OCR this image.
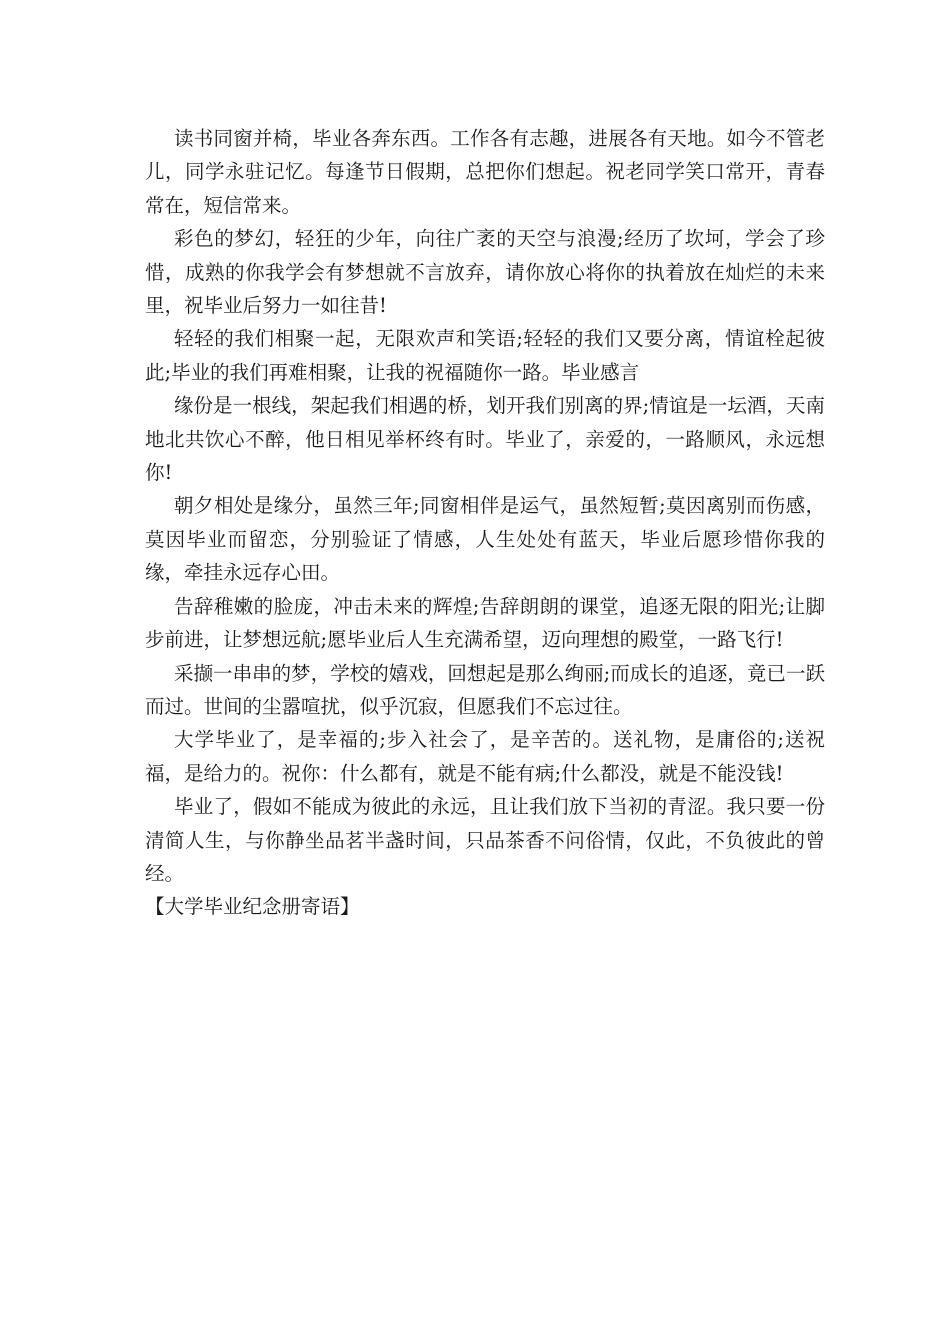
读书同窗并椅，毕业各奔东西。工作各有志趣，进展各有天地。如今不管老儿，同学永驻记忆。每逢节日假期，总把你们想起。祝老同学笑口常开，青春常在，短信常来。

彩色的梦幻，轻狂的少年，向往广袤的天空与浪漫;经历了坎坷，学会了珍惜，成熟的你我学会有梦想就不言放弃，请你放心将你的执着放在灿烂的未来里，祝毕业后努力一如往昔!

轻轻的我们相聚一起，无限欢声和笑语;轻轻的我们又要分离，情谊栓起彼此;毕业的我们再难相聚，让我的祝福随你一路。毕业感言

缘份是一根线，架起我们相遇的桥，划开我们别离的界;情谊是一坛酒，天南地北共饮心不醉，他日相见举杯终有时。毕业了，亲爱的，一路顺风，永远想你!

朝夕相处是缘分，虽然三年;同窗相伴是运气，虽然短暂;莫因离别而伤感，莫因毕业而留恋，分别验证了情感，人生处处有蓝天，毕业后愿珍惜你我的缘，牵挂永远存心田。

告辞稚嫩的脸庞，冲击未来的辉煌;告辞朗朗的课堂，追逐无限的阳光;让脚步前进，让梦想远航;愿毕业后人生充满希望，迈向理想的殿堂，一路飞行!

采撷一串串的梦，学校的嬉戏，回想起是那么绚丽;而成长的追逐，竟已一跃而过。世间的尘嚣喧扰，似乎沉寂，但愿我们不忘过往。

大学毕业了，是幸福的;步入社会了，是辛苦的。送礼物，是庸俗的;送祝福，是给力的。祝你：什么都有，就是不能有病;什么都没，就是不能没钱!

毕业了，假如不能成为彼此的永远，且让我们放下当初的青涩。我只要一份清简人生，与你静坐品茗半盏时间，只品茶香不问俗情，仅此，不负彼此的曾经。

【大学毕业纪念册寄语】
